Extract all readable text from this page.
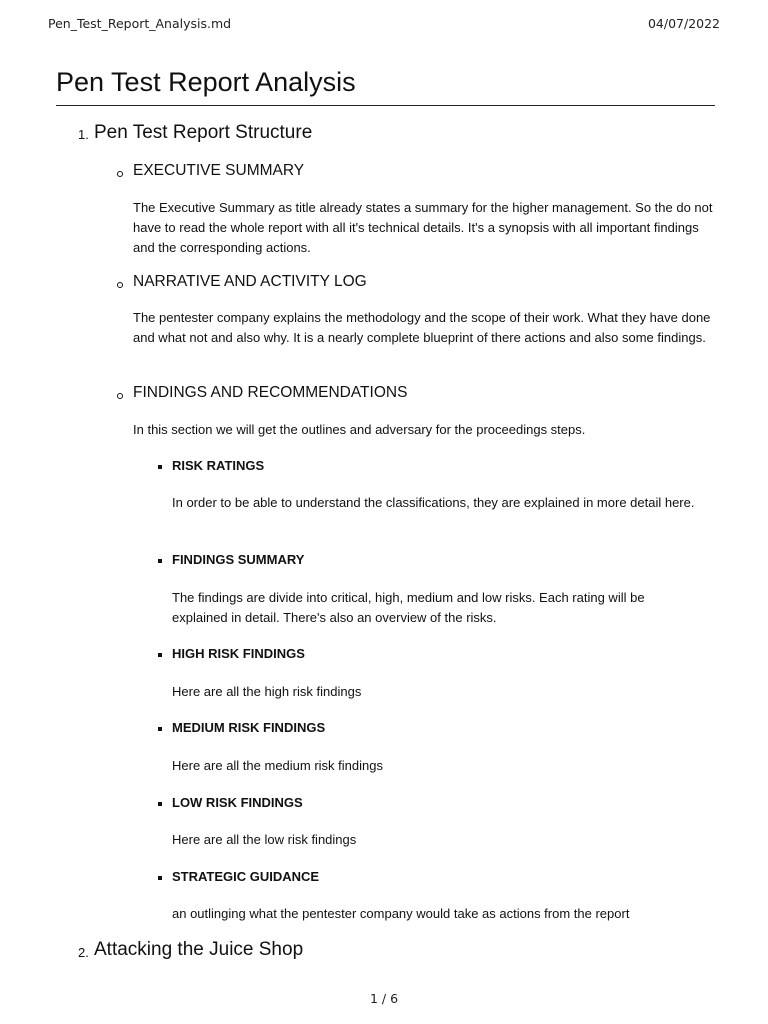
Pen_Test_Report_Analysis.md	04/07/2022
Pen Test Report Analysis
1. Pen Test Report Structure
EXECUTIVE SUMMARY
The Executive Summary as title already states a summary for the higher management. So the do not have to read the whole report with all it's technical details. It's a synopsis with all important findings and the corresponding actions.
NARRATIVE AND ACTIVITY LOG
The pentester company explains the methodology and the scope of their work. What they have done and what not and also why. It is a nearly complete blueprint of there actions and also some findings.
FINDINGS AND RECOMMENDATIONS
In this section we will get the outlines and adversary for the proceedings steps.
RISK RATINGS
In order to be able to understand the classifications, they are explained in more detail here.
FINDINGS SUMMARY
The findings are divide into critical, high, medium and low risks. Each rating will be explained in detail. There's also an overview of the risks.
HIGH RISK FINDINGS
Here are all the high risk findings
MEDIUM RISK FINDINGS
Here are all the medium risk findings
LOW RISK FINDINGS
Here are all the low risk findings
STRATEGIC GUIDANCE
an outlinging what the pentester company would take as actions from the report
2. Attacking the Juice Shop
1 / 6
